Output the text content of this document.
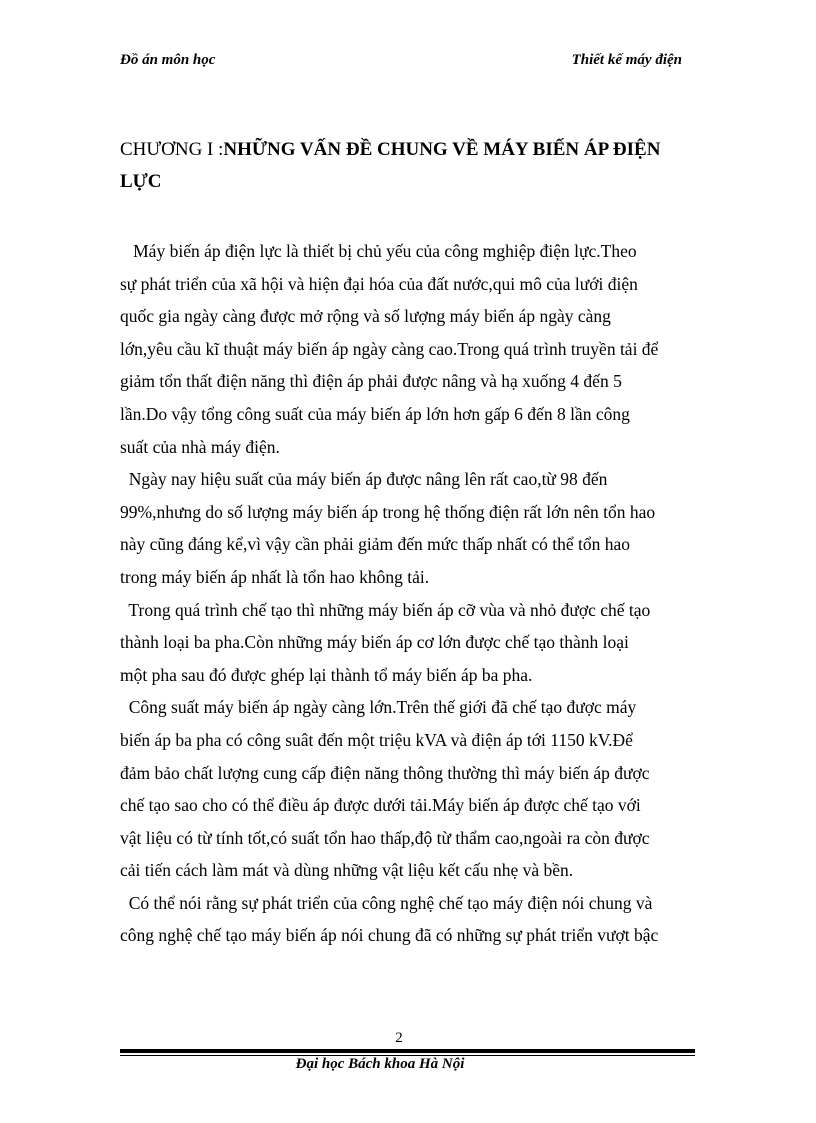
Đồ án môn học	Thiết kế máy điện
CHƯƠNG I :NHỮNG VẤN ĐỀ CHUNG VỀ MÁY BIẾN ÁP ĐIỆN LỰC
Máy biến áp điện lực là thiết bị chủ yếu của công mghiệp điện lực.Theo
sự phát triển của xã hội và hiện đại hóa của đất nước,qui mô của lưới điện
quốc gia ngày càng được mở rộng và số lượng máy biến áp ngày càng
lớn,yêu cầu kĩ thuật máy biến áp ngày càng cao.Trong quá trình truyền tải để
giảm tổn thất điện năng thì điện áp phải được nâng và hạ xuống 4 đến 5
lần.Do vậy tổng công suất của máy biến áp lớn hơn gấp 6 đến 8 lần công
suất của nhà máy điện.
Ngày nay hiệu suất của máy biến áp được nâng lên rất cao,từ 98 đến
99%,nhưng do số lượng máy biến áp trong hệ thống điện rất lớn nên tổn hao
này cũng đáng kể,vì vậy cần phải giảm đến mức thấp nhất có thể tổn hao
trong máy biến áp nhất là tổn hao không tải.
Trong quá trình chế tạo thì những máy biến áp cỡ vùa và nhỏ được chế tạo
thành loại ba pha.Còn những máy biến áp cơ lớn được chế tạo thành loại
một pha sau đó được ghép lại thành tổ máy biến áp ba pha.
Công suất máy biến áp ngày càng lớn.Trên thế giới đã chế tạo được máy
biến áp ba pha có công suât đến một triệu kVA và điện áp tới 1150 kV.Để
đảm bảo chất lượng cung cấp điện năng thông thường thì máy biến áp được
chế tạo sao cho có thể điều áp được dưới tải.Máy biến áp được chế tạo với
vật liệu có từ tính tốt,có suất tổn hao thấp,độ từ thẩm cao,ngoài ra còn được
cải tiến cách làm mát và dùng những vật liệu kết cấu nhẹ và bền.
Có thể nói rằng sự phát triển của công nghệ chế tạo máy điện nói chung và
công nghệ chế tạo máy biến áp nói chung đã có những sự phát triển vượt bậc
2
Đại học Bách khoa Hà Nội
